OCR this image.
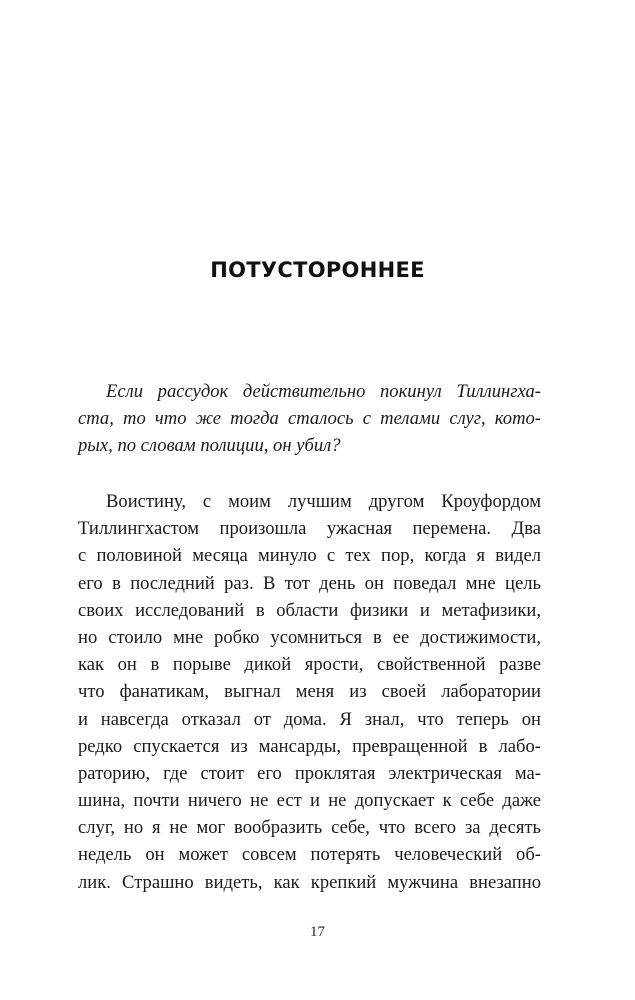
ПОТУСТОРОННЕЕ
Если рассудок действительно покинул Тиллингха-
ста, то что же тогда сталось с телами слуг, кото-
рых, по словам полиции, он убил?
Воистину, с моим лучшим другом Кроуфордом
Тиллингхастом произошла ужасная перемена. Два
с половиной месяца минуло с тех пор, когда я видел
его в последний раз. В тот день он поведал мне цель
своих исследований в области физики и метафизики,
но стоило мне робко усомниться в ее достижимости,
как он в порыве дикой ярости, свойственной разве
что фанатикам, выгнал меня из своей лаборатории
и навсегда отказал от дома. Я знал, что теперь он
редко спускается из мансарды, превращенной в лабо-
раторию, где стоит его проклятая электрическая ма-
шина, почти ничего не ест и не допускает к себе даже
слуг, но я не мог вообразить себе, что всего за десять
недель он может совсем потерять человеческий об-
лик. Страшно видеть, как крепкий мужчина внезапно
17
